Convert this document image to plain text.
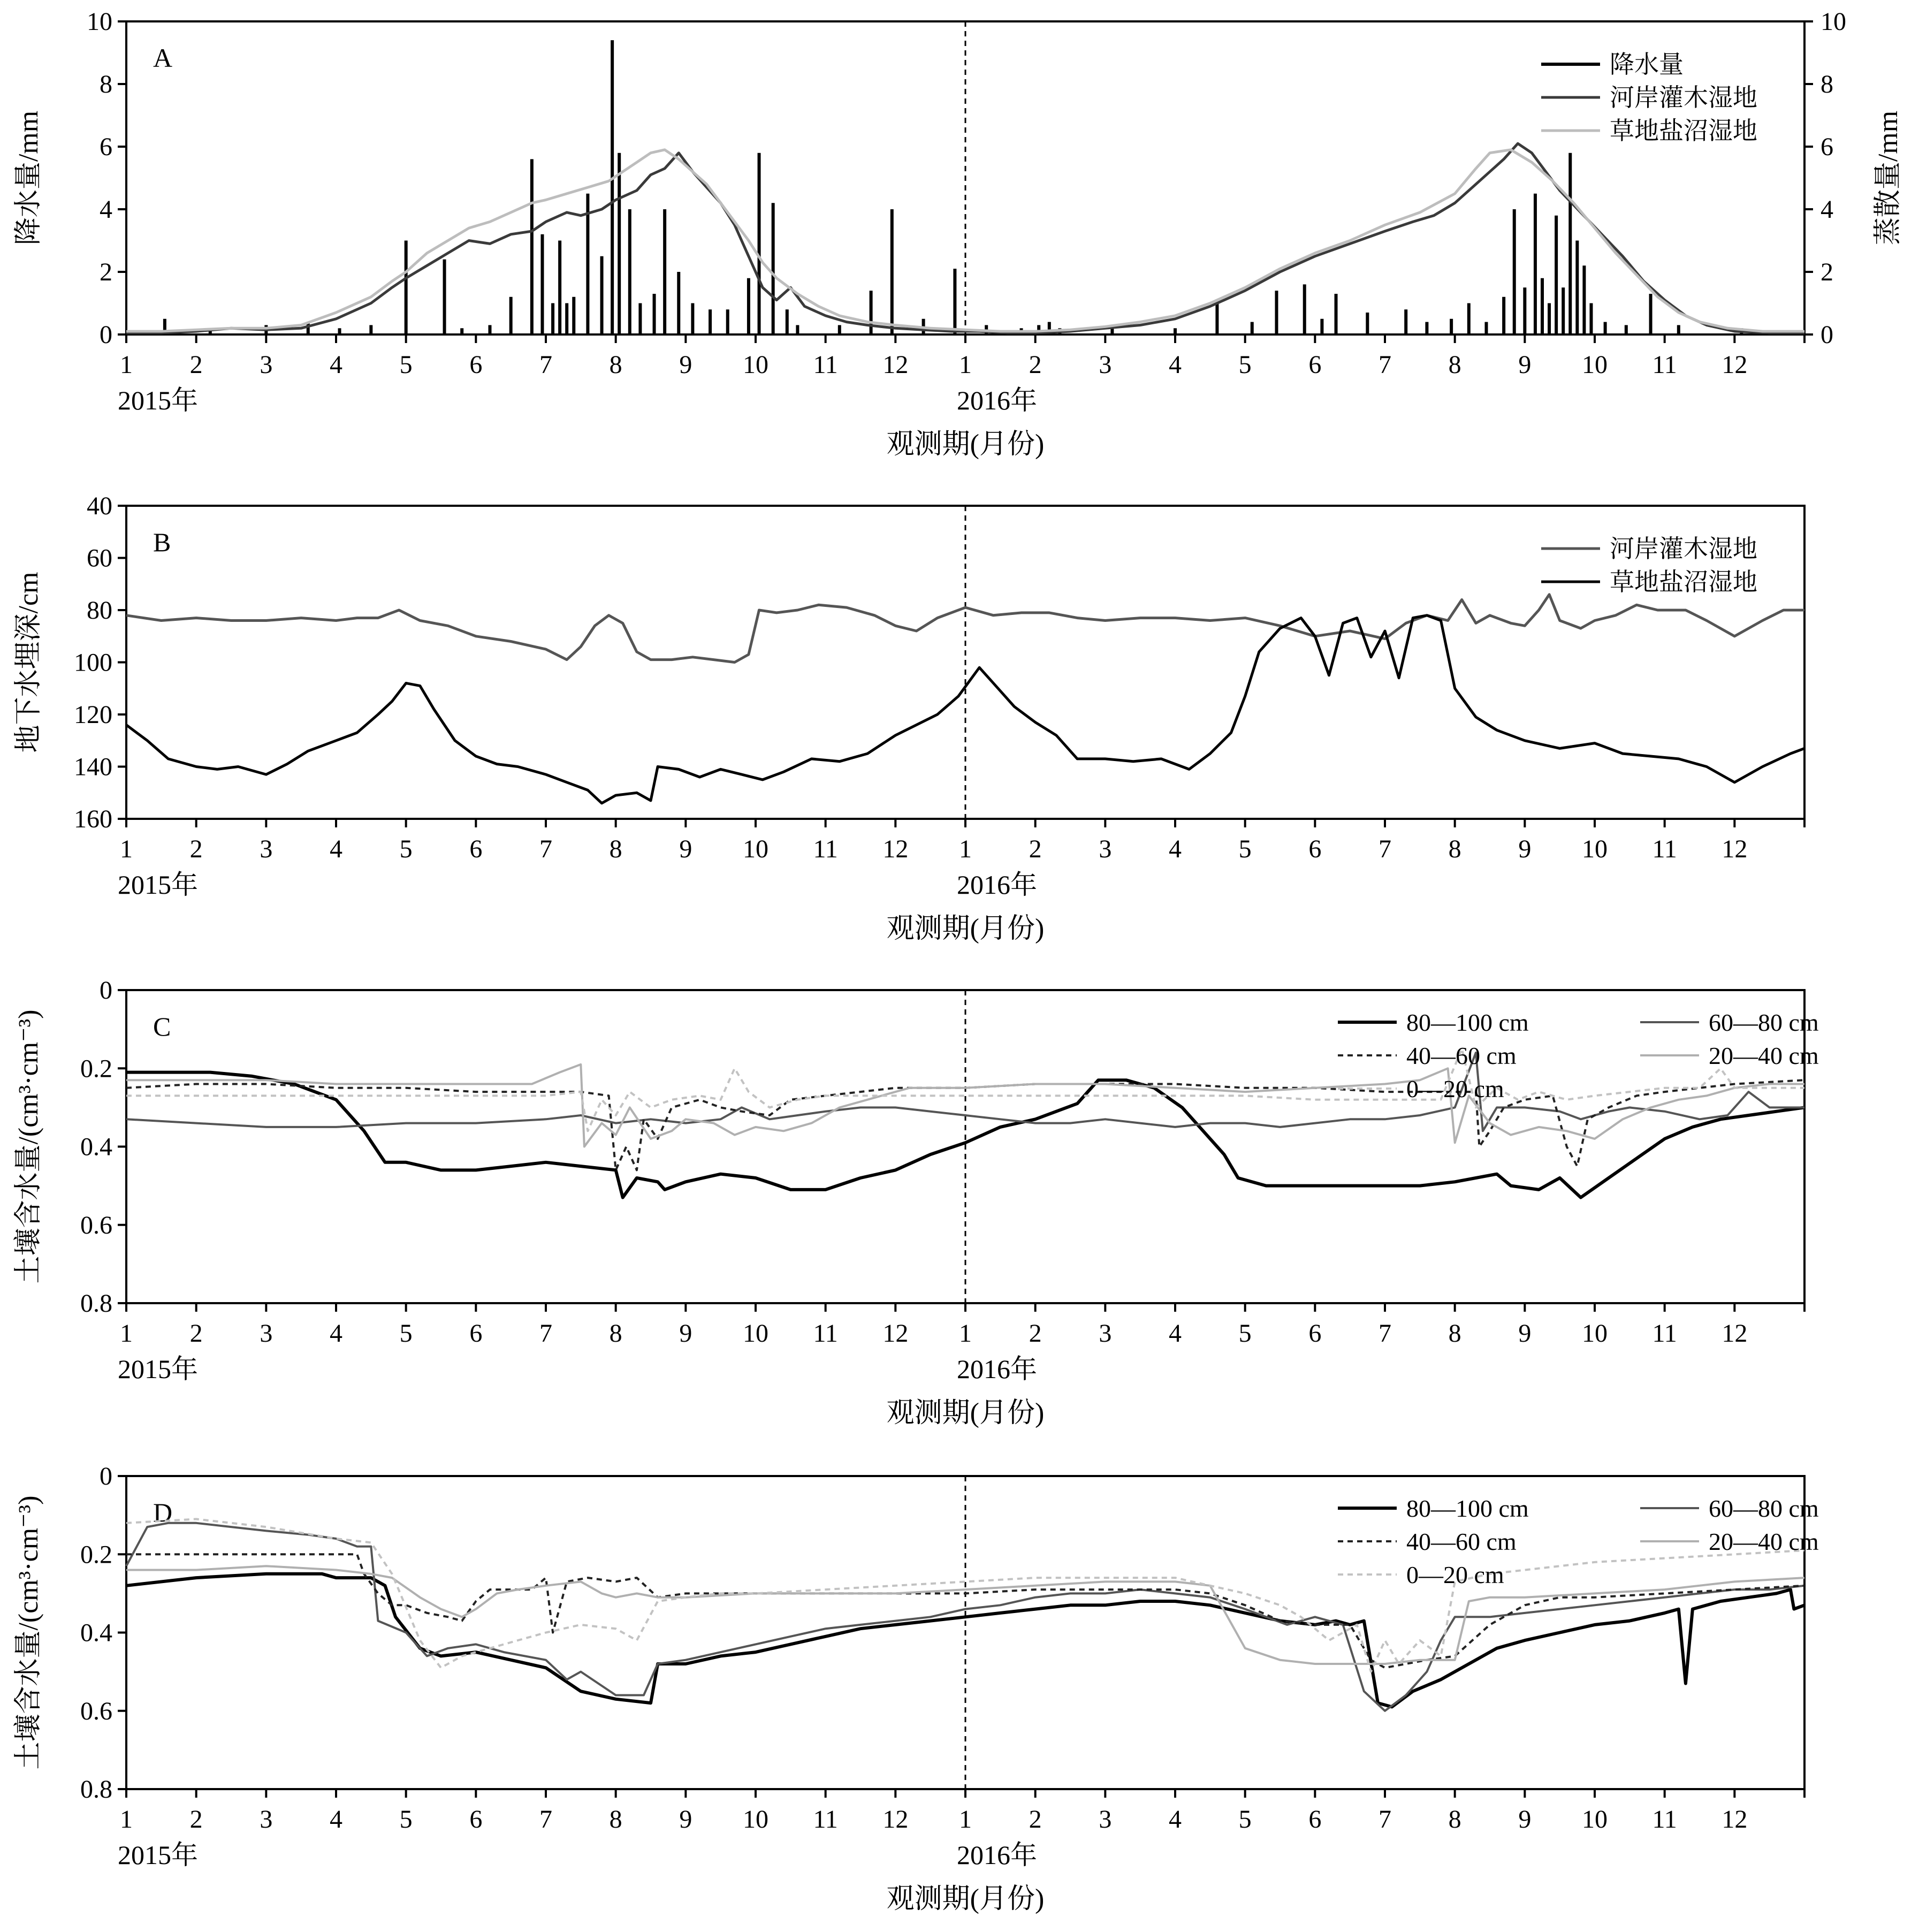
0
2
4
6
8
10
0
2
4
6
8
10
1 2 3 4 5 6 7 8 9 10 11 12 1 2 3 4 5 6 7 8 9 10 11 12
2015年	2016年
观测期(月份)
降水量/mm	蒸散量/mm
A	降水量
河岸灌木湿地
草地盐沼湿地
40
60
80
100
120
140
160
1 2 3 4 5 6 7 8 9 10 11 12 1 2 3 4 5 6 7 8 9 10 11 12
2015年	2016年
观测期(月份)
地下水埋深/cm
B	河岸灌木湿地
草地盐沼湿地
0
0.2
0.4
0.6
0.8
1 2 3 4 5 6 7 8 9 10 11 12 1 2 3 4 5 6 7 8 9 10 11 12
2015年	2016年
观测期(月份)
土壤含水量/(cm³·cm⁻³)	C	80—100 cm	60—80 cm
40—60 cm	20—40 cm
0—20 cm
0
0.2
0.4
0.6
0.8
1 2 3 4 5 6 7 8 9 10 11 12 1 2 3 4 5 6 7 8 9 10 11 12
2015年	2016年
观测期(月份)
土壤含水量/(cm³·cm⁻³)	D	80—100 cm	60—80 cm
40—60 cm	20—40 cm
0—20 cm
